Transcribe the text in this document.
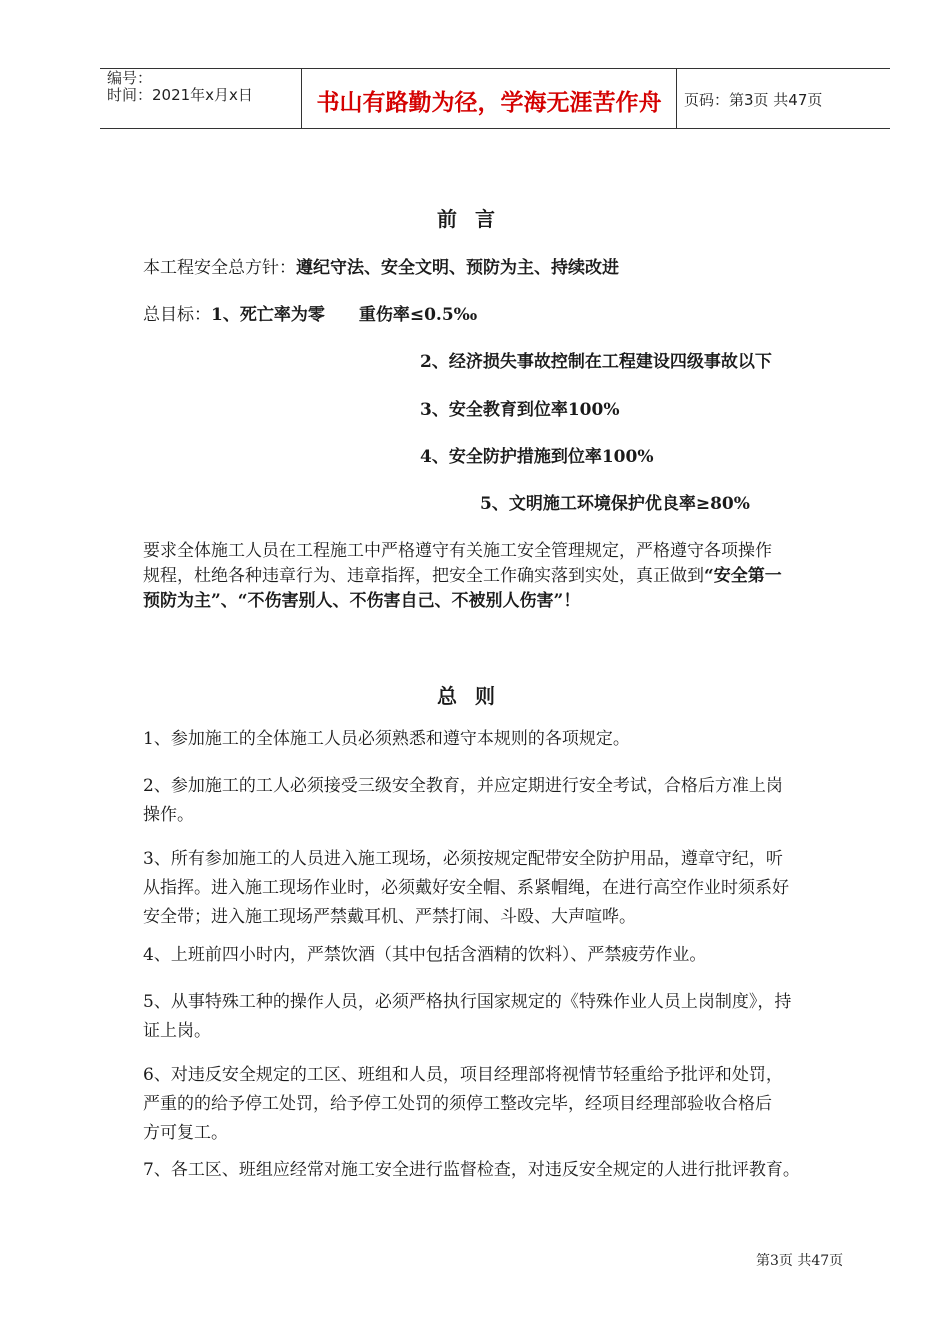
编号：
时间：2021年x月x日	书山有路勤为径，学海无涯苦作舟	页码：第3页 共47页
前言
本工程安全总方针：遵纪守法、安全文明、预防为主、持续改进
总目标：1、死亡率为零 重伤率≤0.5‰
2、经济损失事故控制在工程建设四级事故以下
3、安全教育到位率100%
4、安全防护措施到位率100%
5、文明施工环境保护优良率≥80%
要求全体施工人员在工程施工中严格遵守有关施工安全管理规定，严格遵守各项操作
规程，杜绝各种违章行为、违章指挥，把安全工作确实落到实处，真正做到“安全第一
预防为主”、“不伤害别人、不伤害自己、不被别人伤害”！
总则
1、参加施工的全体施工人员必须熟悉和遵守本规则的各项规定。
2、参加施工的工人必须接受三级安全教育，并应定期进行安全考试，合格后方准上岗
操作。
3、所有参加施工的人员进入施工现场，必须按规定配带安全防护用品，遵章守纪，听
从指挥。进入施工现场作业时，必须戴好安全帽、系紧帽绳，在进行高空作业时须系好
安全带；进入施工现场严禁戴耳机、严禁打闹、斗殴、大声喧哗。
4、上班前四小时内，严禁饮酒（其中包括含酒精的饮料）、严禁疲劳作业。
5、从事特殊工种的操作人员，必须严格执行国家规定的《特殊作业人员上岗制度》，持
证上岗。
6、对违反安全规定的工区、班组和人员，项目经理部将视情节轻重给予批评和处罚，
严重的的给予停工处罚，给予停工处罚的须停工整改完毕，经项目经理部验收合格后
方可复工。
7、各工区、班组应经常对施工安全进行监督检查，对违反安全规定的人进行批评教育。
第3页 共47页
